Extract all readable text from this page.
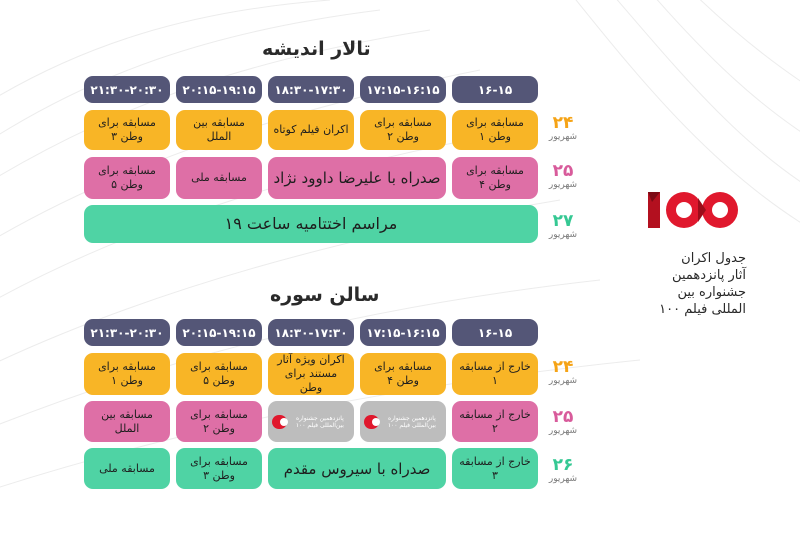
تالار اندیشه
۱۶-۱۵
۱۷:۱۵-۱۶:۱۵
۱۸:۳۰-۱۷:۳۰
۲۰:۱۵-۱۹:۱۵
۲۱:۳۰-۲۰:۳۰
۲۴
شهریور
۲۵
شهریور
۲۷
شهریور
مسابقه برای وطن ۱
مسابقه برای وطن ۲
اکران فیلم کوتاه
مسابقه بین الملل
مسابقه برای وطن ۳
مسابقه برای وطن ۴
صدراه با علیرضا داوود نژاد
مسابقه ملی
مسابقه برای وطن ۵
مراسم اختتامیه ساعت ۱۹
سالن سوره
۱۶-۱۵
۱۷:۱۵-۱۶:۱۵
۱۸:۳۰-۱۷:۳۰
۲۰:۱۵-۱۹:۱۵
۲۱:۳۰-۲۰:۳۰
۲۴
شهریور
۲۵
شهریور
۲۶
شهریور
خارج از مسابقه ۱
مسابقه برای وطن ۴
اکران ویژه آثار مستند برای وطن
مسابقه برای وطن ۵
مسابقه برای وطن ۱
خارج از مسابقه ۲
پانزدهمین جشنواره بین‌المللی فیلم ۱۰۰
پانزدهمین جشنواره بین‌المللی فیلم ۱۰۰
مسابقه برای وطن ۲
مسابقه بین الملل
خارج از مسابقه ۳
صدراه با سیروس مقدم
مسابقه برای وطن ۳
مسابقه ملی
جدول اکران
آثار پانزدهمین
جشنواره بین
المللی فیلم ۱۰۰
